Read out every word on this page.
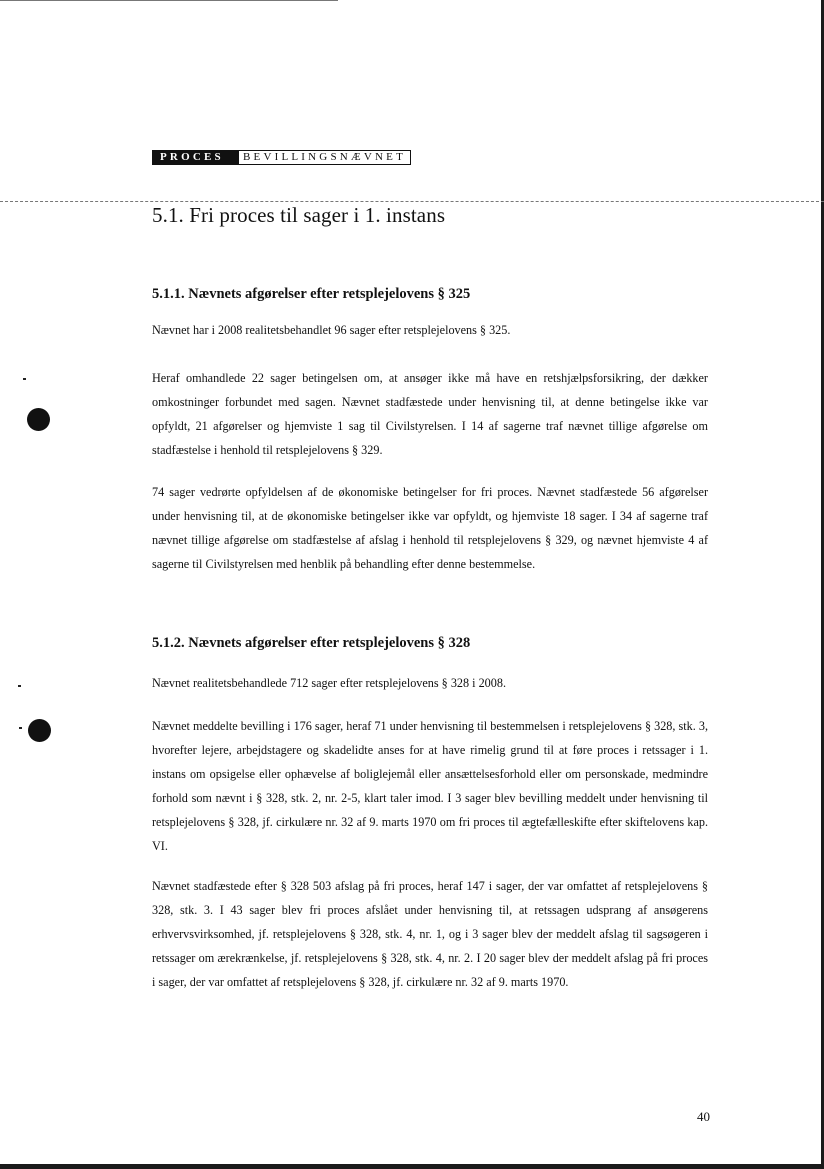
PROCES	BEVILLINGSNÆVNET
5.1. Fri proces til sager i 1. instans
5.1.1. Nævnets afgørelser efter retsplejelovens § 325

Nævnet har i 2008 realitetsbehandlet 96 sager efter retsplejelovens § 325.

Heraf omhandlede 22 sager betingelsen om, at ansøger ikke må have en retshjælpsforsikring, der dækker omkostninger forbundet med sagen. Nævnet stadfæstede under henvisning til, at denne betingelse ikke var opfyldt, 21 afgørelser og hjemviste 1 sag til Civilstyrelsen. I 14 af sagerne traf nævnet tillige afgørelse om stadfæstelse i henhold til retsplejelovens § 329.

74 sager vedrørte opfyldelsen af de økonomiske betingelser for fri proces. Nævnet stadfæstede 56 afgørelser under henvisning til, at de økonomiske betingelser ikke var opfyldt, og hjemviste 18 sager. I 34 af sagerne traf nævnet tillige afgørelse om stadfæstelse af afslag i henhold til retsplejelovens § 329, og nævnet hjemviste 4 af sagerne til Civilstyrelsen med henblik på behandling efter denne bestemmelse.

5.1.2. Nævnets afgørelser efter retsplejelovens § 328

Nævnet realitetsbehandlede 712 sager efter retsplejelovens § 328 i 2008.

Nævnet meddelte bevilling i 176 sager, heraf 71 under henvisning til bestemmelsen i retsplejelovens § 328, stk. 3, hvorefter lejere, arbejdstagere og skadelidte anses for at have rimelig grund til at føre proces i retssager i 1. instans om opsigelse eller ophævelse af boliglejemål eller ansættelsesforhold eller om personskade, medmindre forhold som nævnt i § 328, stk. 2, nr. 2-5, klart taler imod. I 3 sager blev bevilling meddelt under henvisning til retsplejelovens § 328, jf. cirkulære nr. 32 af 9. marts 1970 om fri proces til ægtefælleskifte efter skiftelovens kap. VI.

Nævnet stadfæstede efter § 328 503 afslag på fri proces, heraf 147 i sager, der var omfattet af retsplejelovens § 328, stk. 3. I 43 sager blev fri proces afslået under henvisning til, at retssagen udsprang af ansøgerens erhvervsvirksomhed, jf. retsplejelovens § 328, stk. 4, nr. 1, og i 3 sager blev der meddelt afslag til sagsøgeren i retssager om ærekrænkelse, jf. retsplejelovens § 328, stk. 4, nr. 2. I 20 sager blev der meddelt afslag på fri proces i sager, der var omfattet af retsplejelovens § 328, jf. cirkulære nr. 32 af 9. marts 1970.

40
